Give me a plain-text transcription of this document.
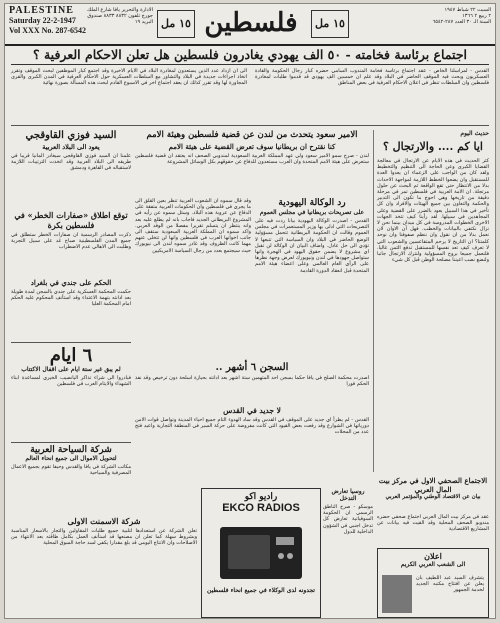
PALESTINE
Saturday 22-2-1947
Vol XXX No. 287-6542
الادارة والتحرير يافا شارع الملك جورج تلفون ٨٨٣٢ ٨٨٣٣ صندوق البريد ١٩ ١٥ مل فلسطين	١٥ مل
السبت ٢٢ شباط ١٩٤٧
٢ ربيع ٢ ١٣٦٦
السنة الـ ٣٠ العدد ٢٨٧-٦٥٤٢
اجتماع برئاسة فخامته - ٥٠ الف يهودي يغادرون فلسطين هل تعلن الاحكام العرفية ؟
الى ان ازداد عدد الذين يستعدون لمغادرة البلاد في الايام الاخيرة وقد اجتمع كبار الموظفين لبحث الموقف وتقرر اتخاذ اجراءات جديدة في البلاد والتشاور مع السلطات العسكرية حول الاحكام العرفية في المدن الكبرى والقرى المجاورة لها وقد تقرر كذلك ان يعقد اجتماع اخر في الاسبوع القادم لبحث هذه المسألة بصورة نهائية
القدس - لمراسلنا الخاص - عقد اجتماع برئاسة فخامة المندوب السامي حضره كبار رجال الحكومة والقادة العسكريون وبحث فيه الموقف الحاضر في البلاد وقد علم ان خمسين الف يهودي قد قدموا طلبات لمغادرة فلسطين وان السلطات تنظر في اعلان الاحكام العرفية في بعض المناطق
حديث اليوم
ايا كم .... والارتجال ؟
كثر الحديث في هذه الايام عن الارتجال في معالجة القضايا الكبرى وعن الحاجة الى التنظيم والتخطيط ولقد كان من الواجب على الزعماء ان يعدوا العدة للمستقبل وان يضعوا الخطط اللازمة لمواجهة الاحداث بدلا من الانتظار حتى تقع الواقعة ثم البحث عن حلول مرتجلة. ان الامة العربية في فلسطين تمر في مرحلة دقيقة من تاريخها وهي احوج ما تكون الى التدبير والحكمة والتعاون بين جميع الهيئات والافراد وان كل تأخير في هذا السبيل يعود بالضرر على القضية وعلى المجاهدين في سبيلها. لقد رأينا كيف تتخذ الجهات الاخرى الخطوات المدروسة في كل ميدان بينما نحن لا نزال نكتفي بالبيانات والخطب. فهل آن الاوان لان نعمل بدلا من ان نقول وان ننظم صفوفنا وان نوحد كلمتنا؟ ان التاريخ لا يرحم المتقاعسين والشعوب التي لا تعرف كيف تعد نفسها للمستقبل تدفع الثمن غاليا. فلنعمل جميعا بروح المسؤولية ولنترك الارتجال جانبا ولنضع نصب اعيننا مصلحة الوطن قبل كل شيء
الامير سعود يتحدث من لندن عن قضية فلسطين وهيئة الامم
كنا نقترح ان بريطانيا سوف تعرض القضية على هيئة الامم
لندن - صرح سمو الامير سعود ولي عهد المملكة العربية السعودية لمندوبي الصحف انه يعتقد ان قضية فلسطين ستعرض على هيئة الامم المتحدة وان العرب مستعدون للدفاع عن حقوقهم بكل الوسائل المشروعة
السيد فوزي القاوقجي
يعود الى البلاد العربية
علمنا ان السيد فوزي القاوقجي سيغادر المانيا قريبا في طريقه الى البلاد العربية وقد اتخذت الترتيبات اللازمة لاستقباله في القاهرة ودمشق
رد الوكالة اليهودية
على تصريحات بريطانيا في مجلس العموم
القدس - اصدرت الوكالة اليهودية بيانا ردت فيه على التصريحات التي ادلى بها وزير المستعمرات في مجلس العموم وقالت ان الحكومة البريطانية تتحمل مسؤولية الوضع الحاضر في البلاد وان السياسة التي تتبعها لا تؤدي الى حل عادل. واضاف البيان ان الوكالة لن تقبل اي مشروع لا يضمن حقوق اليهود في الهجرة وانها ستواصل جهودها في لندن ونيويورك لعرض وجهة نظرها على الرأي العام العالمي وعلى اعضاء هيئة الامم المتحدة قبل انعقاد الدورة القادمة
وقد قال سموه ان الشعوب العربية تنظر بعين القلق الى ما يجري في فلسطين وان الحكومات العربية متفقة على الدفاع عن عروبة هذه البلاد. وسئل سموه عن رأيه في المشروع البريطاني الجديد فاجاب بانه لم يطلع عليه بعد وانه ينتظر ان يتسلم تقريرا مفصلا من الوفد العربي. واكد سموه ان المملكة العربية السعودية ستقف الى جانب اخوانها العرب في فلسطين وانها لن تتخلى عنهم مهما كانت الظروف وقد غادر سموه لندن الى نيويورك حيث سيجتمع بعدد من رجال السياسة الامريكيين
توقع اطلاق «صفارات الخطر» في فلسطين بكرة
ذكرت المصادر الرسمية ان صفارات الخطر ستطلق في جميع المدن الفلسطينية صباح غد على سبيل التجربة وطلبت الى الاهالي عدم الاضطراب
الحكم على جندي في بلغراد
حكمت المحكمة العسكرية على جندي بالسجن لمدة طويلة بعد ادانته بتهمة الاعتداء وقد استأنف المحكوم عليه الحكم امام المحكمة العليا
السجن ٦ أشهر ..
اصدرت محكمة الصلح في يافا حكما بسجن احد المتهمين ستة اشهر بعد ادانته بحيازة اسلحة دون ترخيص وقد نفذ الحكم فورا
لا جديد في القدس
القدس - لم يطرأ اي جديد على الموقف في القدس وقد ساد الهدوء التام جميع احياء المدينة وتواصل قوات الامن دورياتها في الشوارع وقد رفعت بعض القيود التي كانت مفروضة على حركة السير في المنطقة التجارية واعيد فتح عدد من المحلات
٦ ايام
لم يبق غير ستة ايام على اقفال الاكتتاب
فبادروا الى شراء تذاكر اليانصيب الخيري لمساعدة ابناء الشهداء والايتام العرب في فلسطين
الاجتماع الصحفي الاول في مركز بيت المال العربي
بيان عن الاقتصاد الوطني والمؤتمر العربي
عقد في مركز بيت المال العربي اجتماع صحفي حضره مندوبو الصحف المحلية وقد القيت فيه بيانات عن المشاريع الاقتصادية
اعلان
الى الشعب العربي الكريم
يتشرف السيد عبد اللطيف بان يعلن عن افتتاح مكتبه الجديد لخدمة الجمهور
راديو اكو
EKCO RADIOS
تجدونه لدى الوكلاء في جميع انحاء فلسطين
شركة السياحة العربية
لتحويل الاموال الى جميع انحاء العالم
مكاتب الشركة في يافا والقدس وحيفا تقوم بجميع الاعمال المصرفية والسياحية
شركة الاسمنت الاولى
تعلن الشركة عن استعدادها لتلبية جميع طلبات المقاولين والتجار بالاسعار المناسبة وبشروط سهلة كما تعلن ان مصنعها قد استأنف العمل بكامل طاقته بعد الانتهاء من الاصلاحات وان الانتاج اليومي قد بلغ مقدارا يكفي لسد حاجة السوق المحلية
روسيا تعارض التدخل
موسكو - صرح الناطق الرسمي ان الحكومة السوفياتية تعارض كل تدخل اجنبي في الشؤون الداخلية للدول
